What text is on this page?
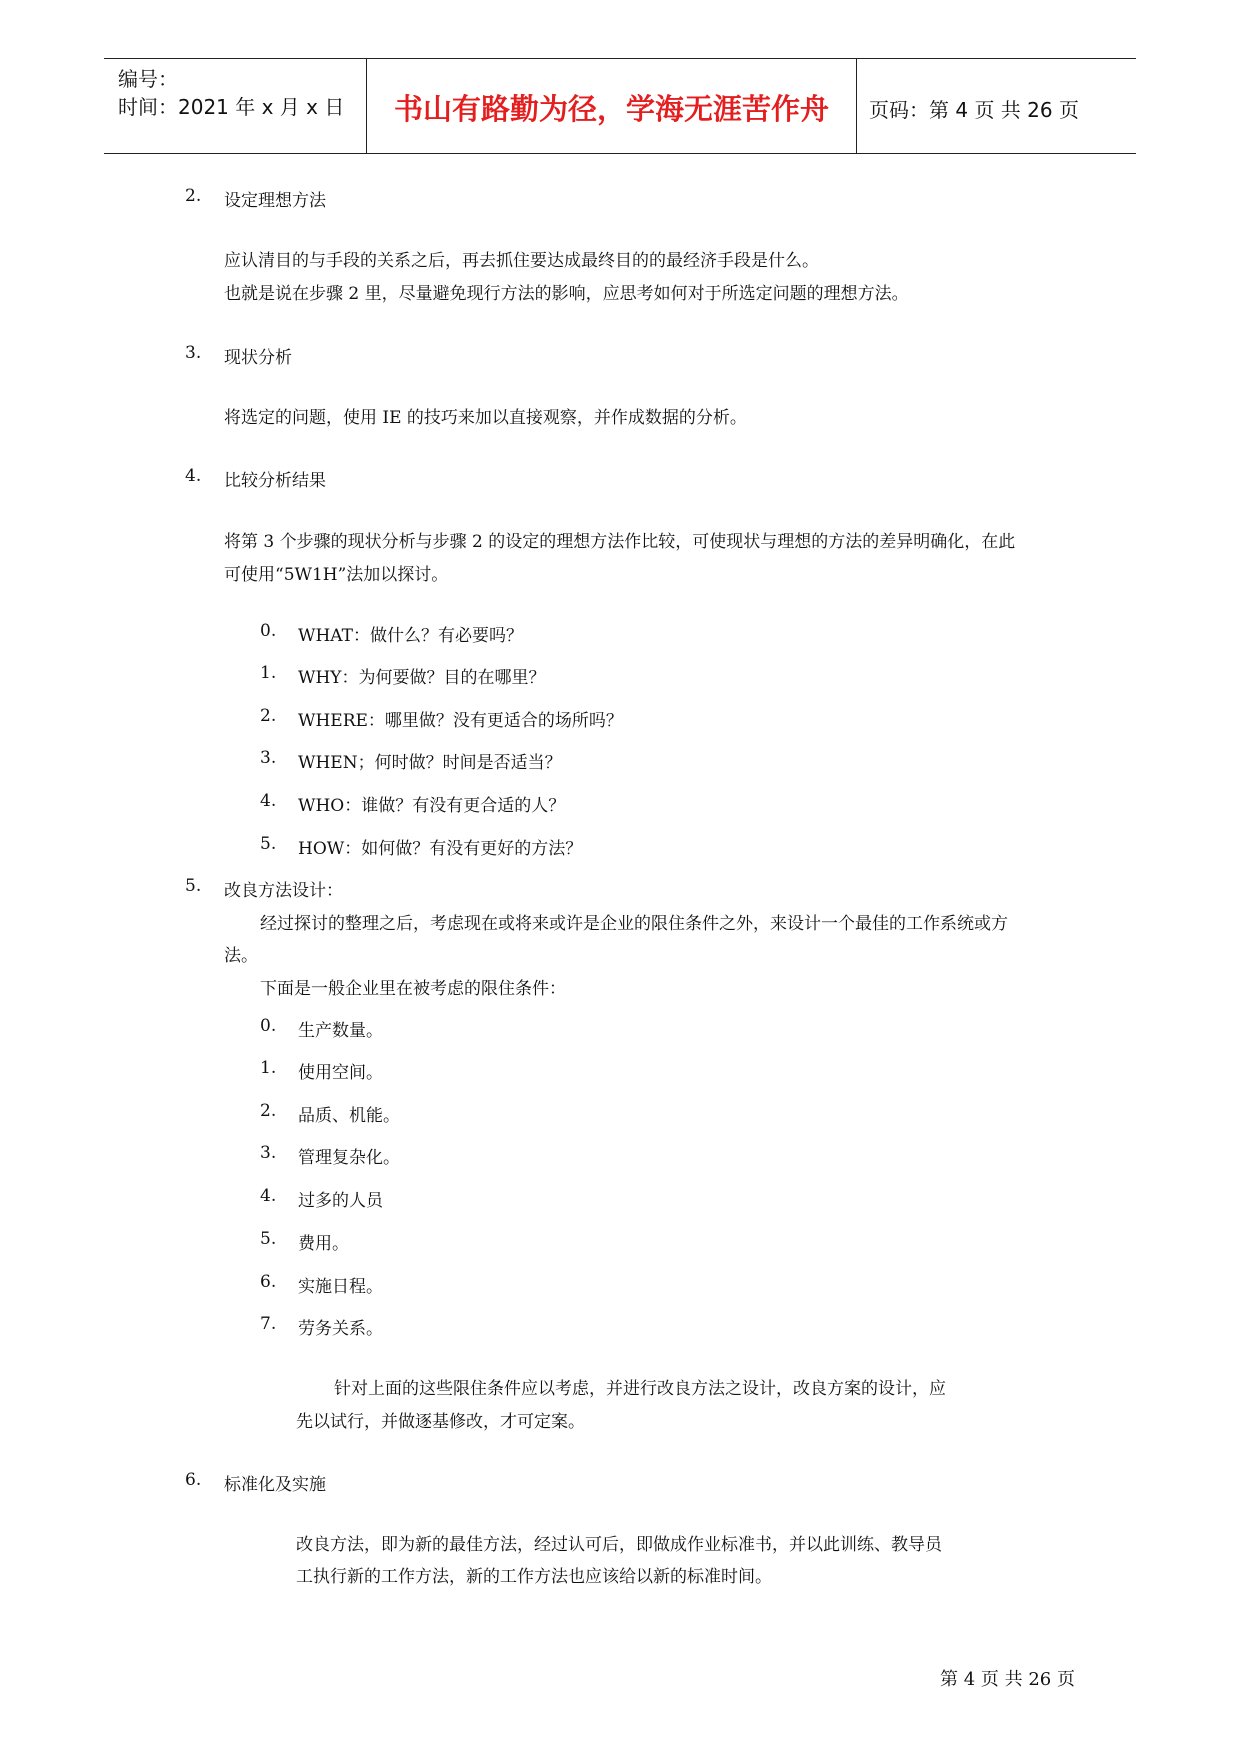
编号：
时间：2021 年 x 月 x 日	书山有路勤为径，学海无涯苦作舟	页码：第 4 页 共 26 页
2. 设定理想方法
应认清目的与手段的关系之后，再去抓住要达成最终目的的最经济手段是什么。
也就是说在步骤 2 里，尽量避免现行方法的影响，应思考如何对于所选定问题的理想方法。
3. 现状分析
将选定的问题，使用 IE 的技巧来加以直接观察，并作成数据的分析。
4. 比较分析结果
将第 3 个步骤的现状分析与步骤 2 的设定的理想方法作比较，可使现状与理想的方法的差异明确化，在此
可使用“5W1H”法加以探讨。
0. WHAT：做什么？有必要吗？
1. WHY：为何要做？目的在哪里？
2. WHERE：哪里做？没有更适合的场所吗？
3. WHEN；何时做？时间是否适当？
4. WHO：谁做？有没有更合适的人？
5. HOW：如何做？有没有更好的方法？
5. 改良方法设计：
经过探讨的整理之后，考虑现在或将来或许是企业的限住条件之外，来设计一个最佳的工作系统或方
法。
下面是一般企业里在被考虑的限住条件：
0. 生产数量。
1. 使用空间。
2. 品质、机能。
3. 管理复杂化。
4. 过多的人员
5. 费用。
6. 实施日程。
7. 劳务关系。
针对上面的这些限住条件应以考虑，并进行改良方法之设计，改良方案的设计，应
先以试行，并做逐基修改，才可定案。
6. 标准化及实施
改良方法，即为新的最佳方法，经过认可后，即做成作业标准书，并以此训练、教导员
工执行新的工作方法，新的工作方法也应该给以新的标准时间。
第 4 页 共 26 页
